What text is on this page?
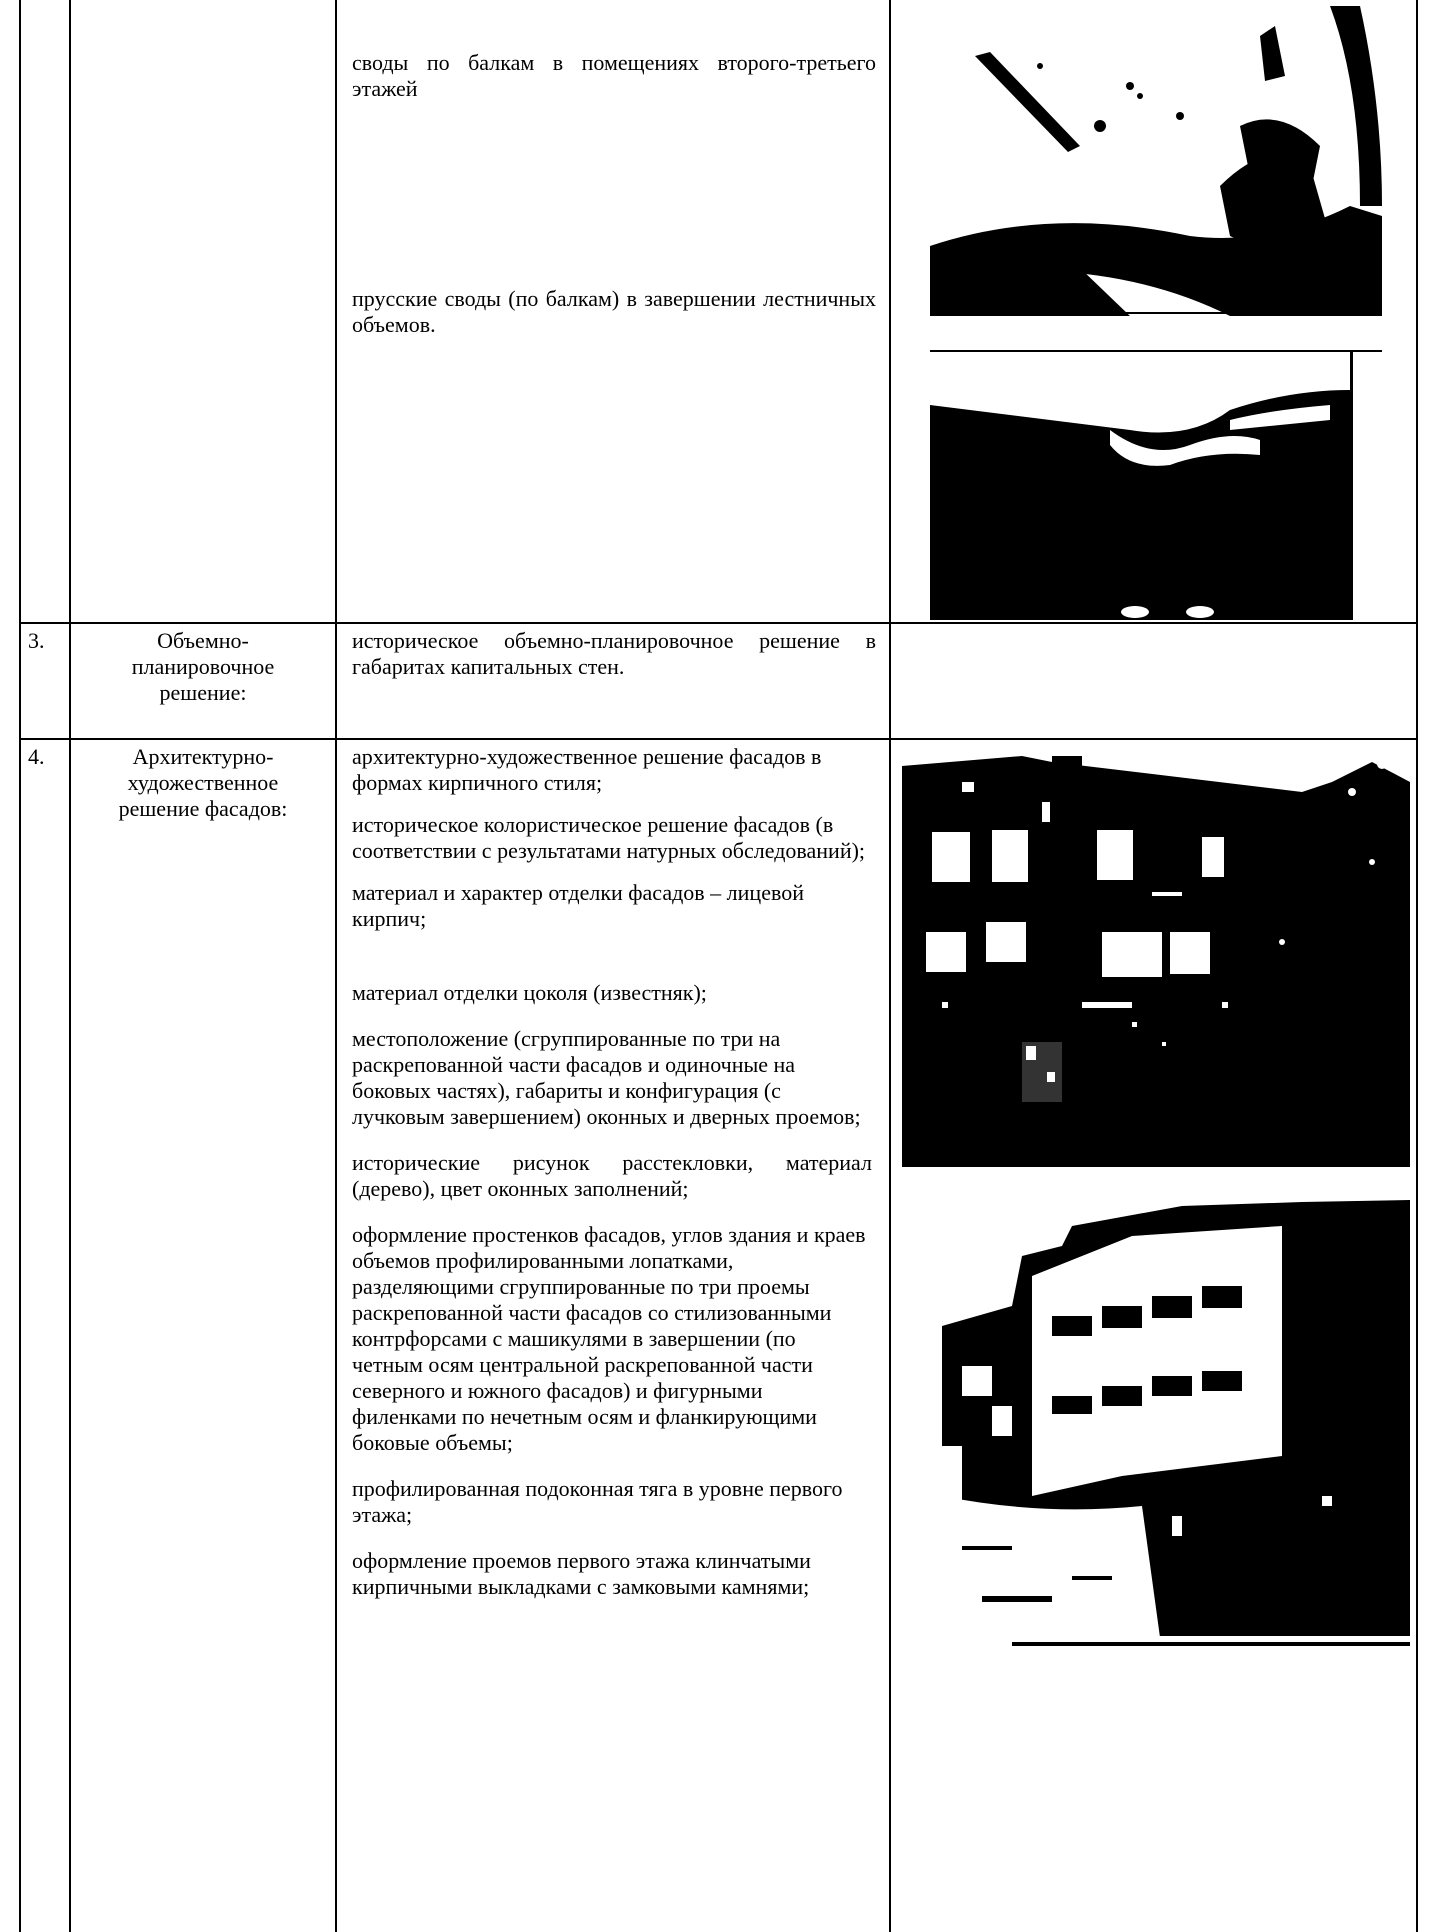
своды по балкам в помещениях второго-третьего этажей
прусские своды (по балкам) в завершении лестничных объемов.
3.	Объемно-планировочное решение:
историческое объемно-планировочное решение в габаритах капитальных стен.
4.	Архитектурно-художественное решение фасадов:

архитектурно-художественное решение фасадов в формах кирпичного стиля;

историческое колористическое решение фасадов (в соответствии с результатами натурных обследований);

материал и характер отделки фасадов – лицевой кирпич;

материал отделки цоколя (известняк);

местоположение (сгруппированные по три на раскрепованной части фасадов и одиночные на боковых частях), габариты и конфигурация (с лучковым завершением) оконных и дверных проемов;

исторические рисунок расстекловки, материал (дерево), цвет оконных заполнений;

оформление простенков фасадов, углов здания и краев объемов профилированными лопатками, разделяющими сгруппированные по три проемы раскрепованной части фасадов со стилизованными контрфорсами с машикулями в завершении (по четным осям центральной раскрепованной части северного и южного фасадов) и фигурными филенками по нечетным осям и фланкирующими боковые объемы;

профилированная подоконная тяга в уровне первого этажа;

оформление проемов первого этажа клинчатыми кирпичными выкладками с замковыми камнями;
